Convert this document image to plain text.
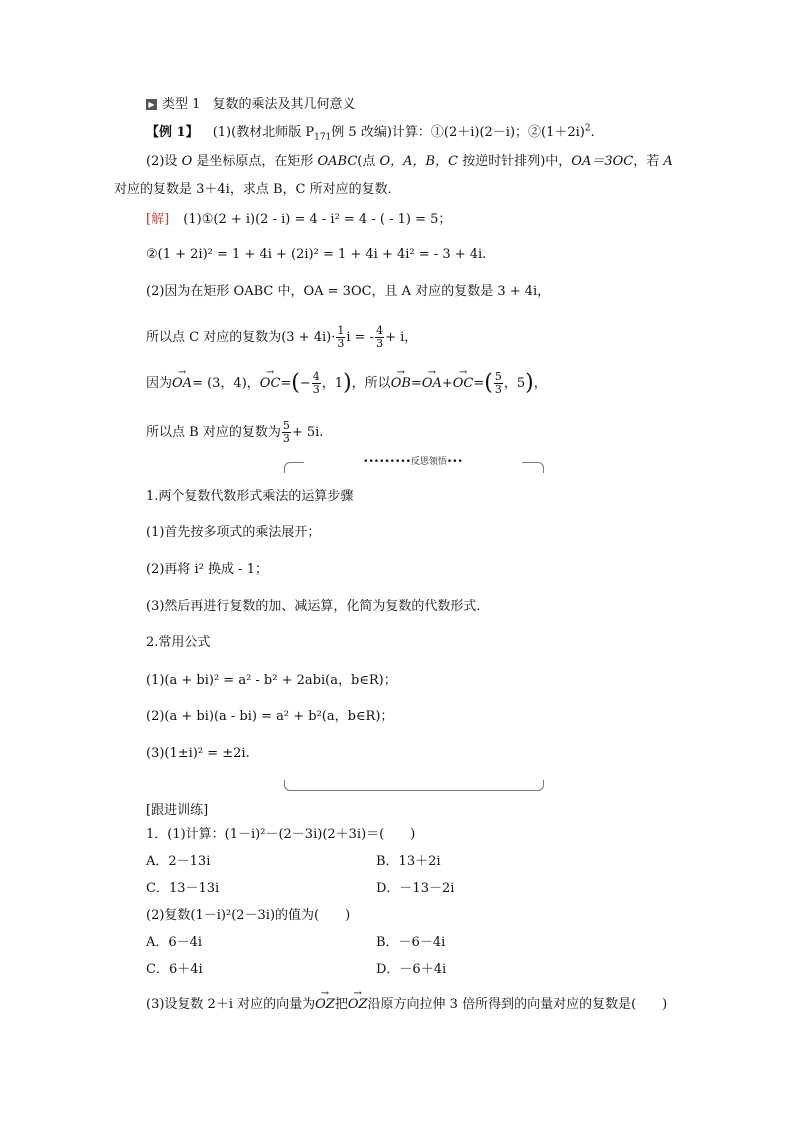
▶ 类型 1 复数的乘法及其几何意义
【例 1】 (1)(教材北师版 $P_{171}$例 5 改编)计算：①(2＋i)(2－i)；$②(1+2i)^2$.
(2)设 O 是坐标原点，在矩形 OABC(点 O，A，B，C 按逆时针排列)中，OA＝3OC，若 A
对应的复数是 3＋4i，求点 B，C 所对应的复数．
[解] (1)①(2 + i)(2 - i) = 4 - i² = 4 - ( - 1) = 5；
②(1 + 2i)² = 1 + 4i + (2i)² = 1 + 4i + 4i² = - 3 + 4i.
(2)因为在矩形 OABC 中，OA = 3OC，且 A 对应的复数是 3 + 4i，
所以点 C 对应的复数为$(3 + 4i)\cdot \frac{1}{3}$ i = - $\frac{4}{3} + i$，
因为→ OA= (3，4)，→ $OC=(- \frac{4}{3}$ ，1)，所以→ $OB=\to OA+\to OC=( \frac{5}{3}$ ，5)，
所以点 B 对应的复数为 $\frac{5}{3} + 5i$.
•••••••••反思领悟•••
1.两个复数代数形式乘法的运算步骤
(1)首先按多项式的乘法展开；
(2)再将 i² 换成 - 1；
(3)然后再进行复数的加、减运算，化简为复数的代数形式．
2.常用公式
(1)(a + bi)² = a² - b² + 2abi(a，b∈R)；
(2)(a + bi)(a - bi) = a² + b²(a，b∈R)；
(3)(1±i)² = ±2i.
[跟进训练]
1．(1)计算：(1－i)²－(2－3i)(2＋3i)＝(　　)
A．2－13i	B．13＋2i
C．13－13i	D．－13－2i
(2)复数(1－i)²(2－3i)的值为(　　)
A．6－4i	B．－6－4i
C．6＋4i	D．－6＋4i
(3)设复数 2＋i 对应的向量为→ OZ把→ OZ沿原方向拉伸 3 倍所得到的向量对应的复数是(　　)
